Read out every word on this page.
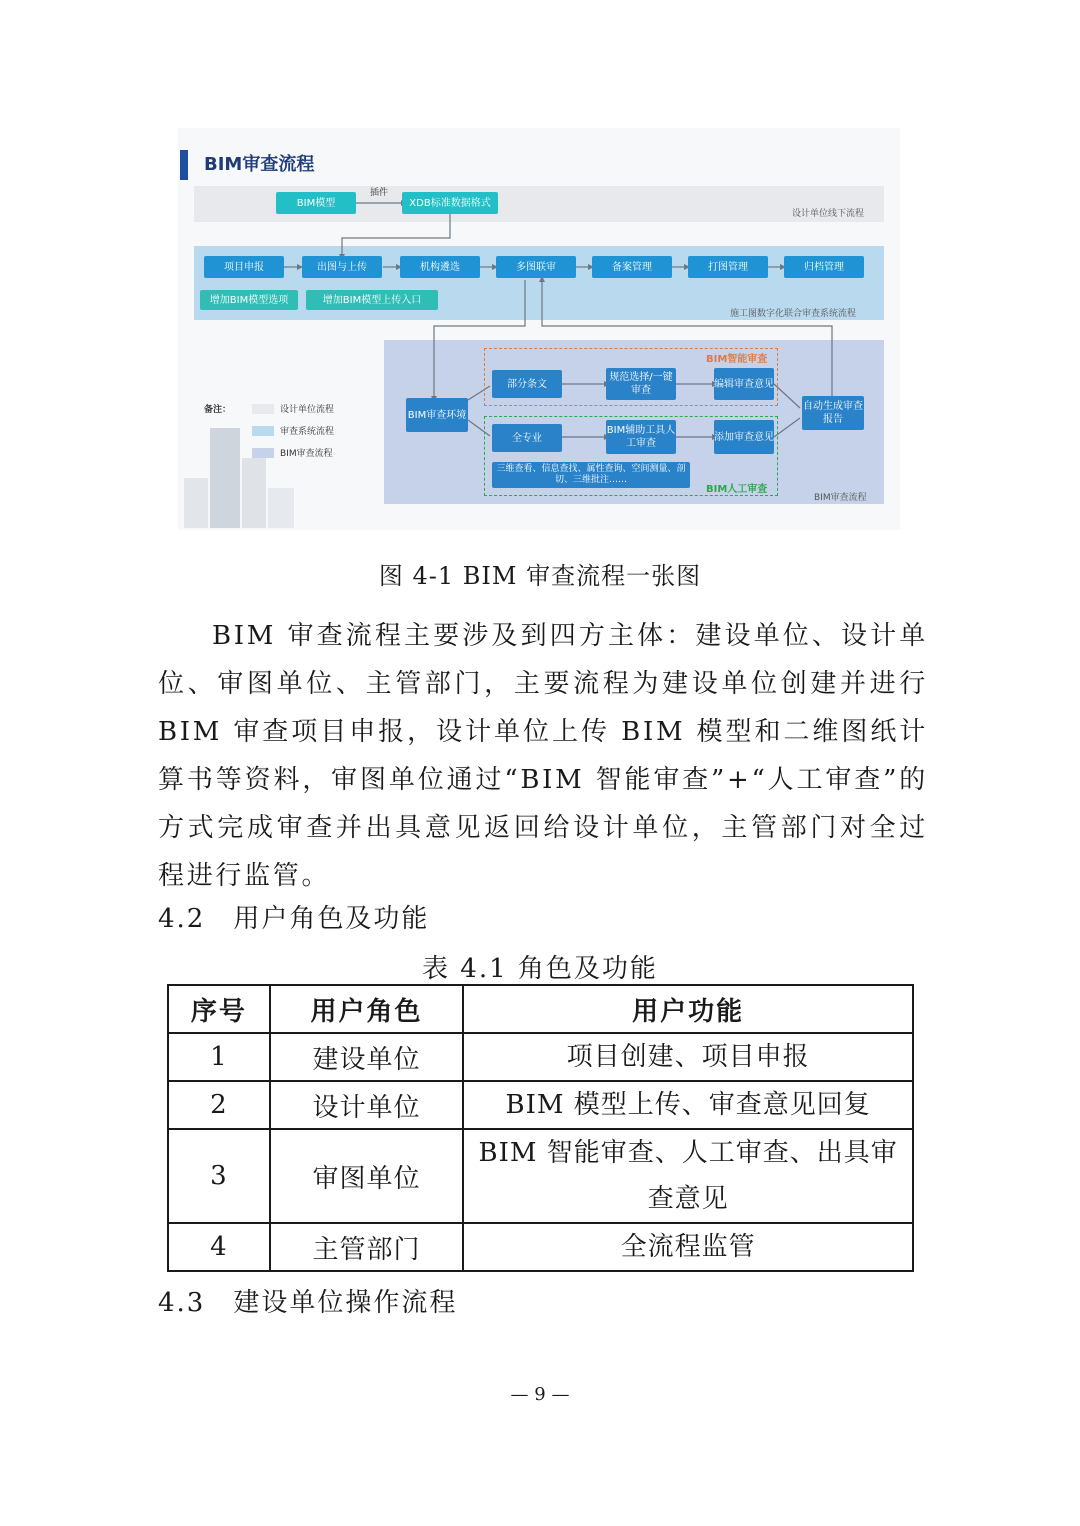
BIM审查流程
设计单位线下流程
施工图数字化联合审查系统流程
BIM审查流程
BIM模型
插件
XDB标准数据格式
项目申报	出图与上传	机构遴选	多图联审	备案管理	打图管理	归档管理
增加BIM模型选项	增加BIM模型上传入口
BIM审查环境
BIM智能审查
部分条文
规范选择/一键审查
编辑审查意见
BIM人工审查
全专业
BIM辅助工具人工审查
添加审查意见
三维查看、信息查找、属性查询、空间测量、剖切、三维批注……
自动生成审查报告
备注：	设计单位流程
审查系统流程
BIM审查流程
图 4-1 BIM 审查流程一张图
BIM 审查流程主要涉及到四方主体：建设单位、设计单位、审图单位、主管部门，主要流程为建设单位创建并进行 BIM 审查项目申报，设计单位上传 BIM 模型和二维图纸计算书等资料，审图单位通过“BIM 智能审查”+“人工审查”的方式完成审查并出具意见返回给设计单位，主管部门对全过程进行监管。
4.2　用户角色及功能
表 4.1 角色及功能
序号	用户角色	用户功能
1	建设单位	项目创建、项目申报
2	设计单位	BIM 模型上传、审查意见回复
3	审图单位	BIM 智能审查、人工审查、出具审查意见
4	主管部门	全流程监管
4.3　建设单位操作流程
— 9 —
